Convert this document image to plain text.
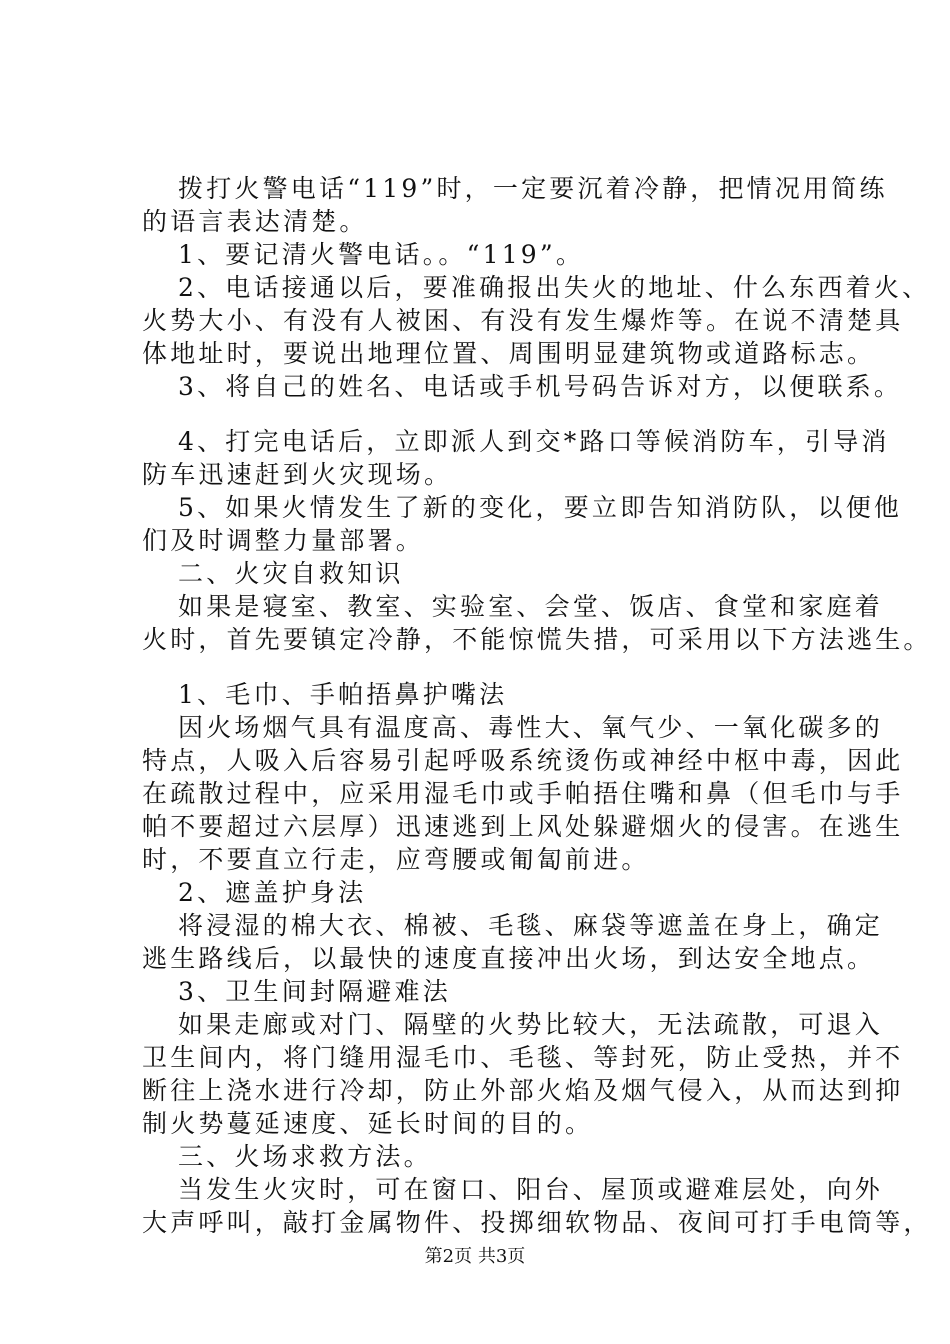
拨打火警电话“119”时，一定要沉着冷静，把情况用简练
的语言表达清楚。
1、要记清火警电话。。“119”。
2、电话接通以后，要准确报出失火的地址、什么东西着火、
火势大小、有没有人被困、有没有发生爆炸等。在说不清楚具
体地址时，要说出地理位置、周围明显建筑物或道路标志。
3、将自己的姓名、电话或手机号码告诉对方，以便联系。
4、打完电话后，立即派人到交*路口等候消防车，引导消
防车迅速赶到火灾现场。
5、如果火情发生了新的变化，要立即告知消防队，以便他
们及时调整力量部署。
二、火灾自救知识
如果是寝室、教室、实验室、会堂、饭店、食堂和家庭着
火时，首先要镇定冷静，不能惊慌失措，可采用以下方法逃生。
1、毛巾、手帕捂鼻护嘴法
因火场烟气具有温度高、毒性大、氧气少、一氧化碳多的
特点，人吸入后容易引起呼吸系统烫伤或神经中枢中毒，因此
在疏散过程中，应采用湿毛巾或手帕捂住嘴和鼻（但毛巾与手
帕不要超过六层厚）迅速逃到上风处躲避烟火的侵害。在逃生
时，不要直立行走，应弯腰或匍匐前进。
2、遮盖护身法
将浸湿的棉大衣、棉被、毛毯、麻袋等遮盖在身上，确定
逃生路线后，以最快的速度直接冲出火场，到达安全地点。
3、卫生间封隔避难法
如果走廊或对门、隔壁的火势比较大，无法疏散，可退入
卫生间内，将门缝用湿毛巾、毛毯、等封死，防止受热，并不
断往上浇水进行冷却，防止外部火焰及烟气侵入，从而达到抑
制火势蔓延速度、延长时间的目的。
三、火场求救方法。
当发生火灾时，可在窗口、阳台、屋顶或避难层处，向外
大声呼叫，敲打金属物件、投掷细软物品、夜间可打手电筒等，
第2页 共3页
